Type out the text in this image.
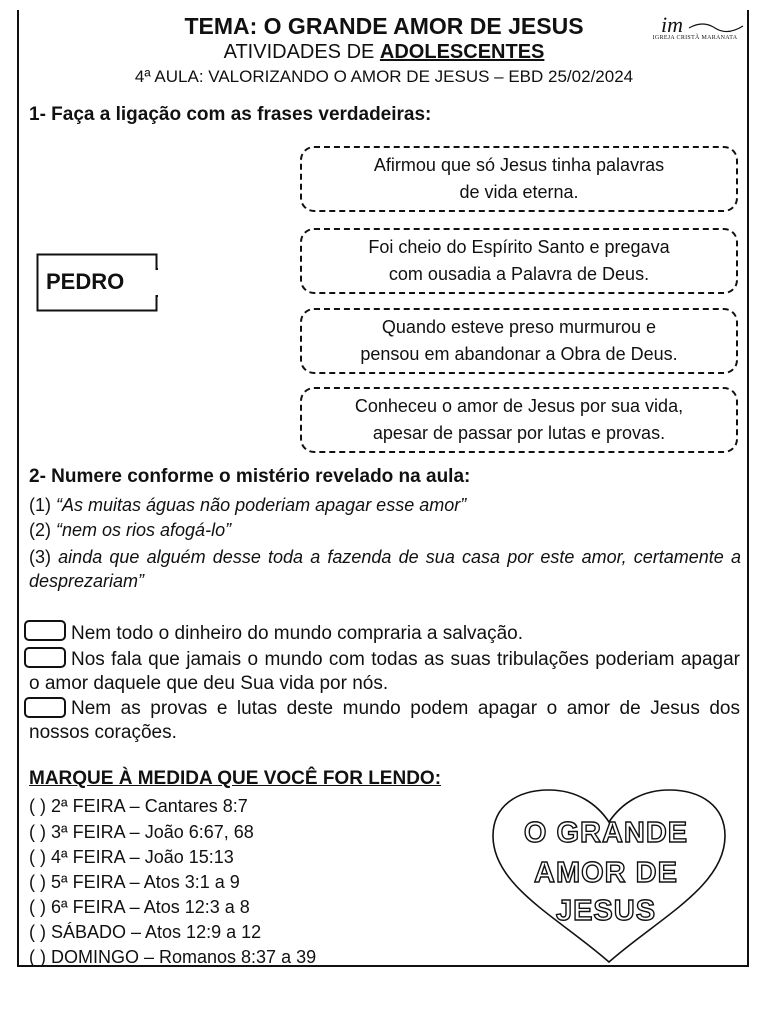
TEMA: O GRANDE AMOR DE JESUS
ATIVIDADES DE ADOLESCENTES
4ª AULA: VALORIZANDO O AMOR DE JESUS – EBD 25/02/2024
im
IGREJA CRISTÃ MARANATA
1- Faça a ligação com as frases verdadeiras:
PEDRO
Afirmou que só Jesus tinha palavras
de vida eterna.
Foi cheio do Espírito Santo e pregava
com ousadia a Palavra de Deus.
Quando esteve preso murmurou e
pensou em abandonar a Obra de Deus.
Conheceu o amor de Jesus por sua vida,
apesar de passar por lutas e provas.
2- Numere conforme o mistério revelado na aula:
(1) “As muitas águas não poderiam apagar esse amor”
(2) “nem os rios afogá-lo”
(3) ainda que alguém desse toda a fazenda de sua casa por este amor, certamente a desprezariam”
Nem todo o dinheiro do mundo compraria a salvação.
Nos fala que jamais o mundo com todas as suas tribulações poderiam apagar o amor daquele que deu Sua vida por nós.
Nem as provas e lutas deste mundo podem apagar o amor de Jesus dos nossos corações.
MARQUE À MEDIDA QUE VOCÊ FOR LENDO:
( ) 2ª FEIRA – Cantares 8:7
( ) 3ª FEIRA – João 6:67, 68
( ) 4ª FEIRA – João 15:13
( ) 5ª FEIRA – Atos 3:1 a 9
( ) 6ª FEIRA – Atos 12:3 a 8
( ) SÁBADO – Atos 12:9 a 12
( ) DOMINGO – Romanos 8:37 a 39
O GRANDE
AMOR DE
JESUS
